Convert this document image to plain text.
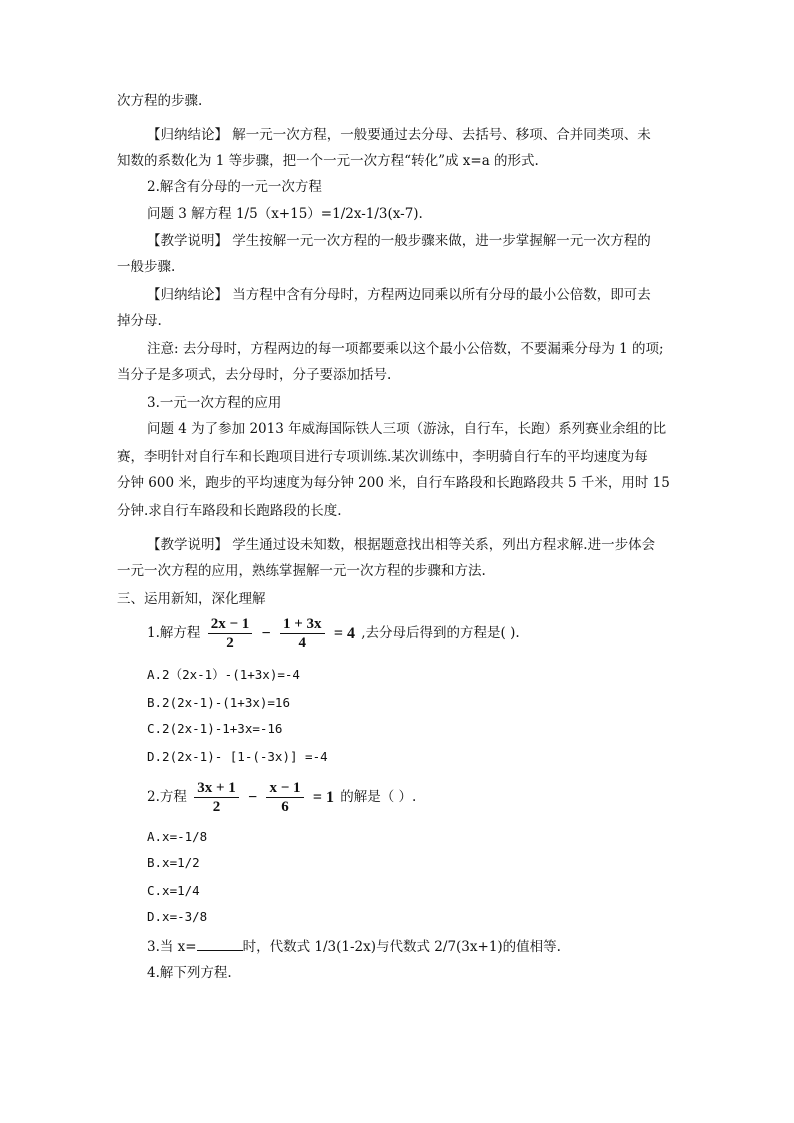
次方程的步骤.
【归纳结论】 解一元一次方程，一般要通过去分母、去括号、移项、合并同类项、未
知数的系数化为 1 等步骤，把一个一元一次方程“转化”成 x=a 的形式.
2.解含有分母的一元一次方程
问题 3 解方程 1/5（x+15）=1/2x-1/3(x-7).
【教学说明】 学生按解一元一次方程的一般步骤来做，进一步掌握解一元一次方程的
一般步骤.
【归纳结论】 当方程中含有分母时，方程两边同乘以所有分母的最小公倍数，即可去
掉分母.
注意: 去分母时，方程两边的每一项都要乘以这个最小公倍数，不要漏乘分母为 1 的项;
当分子是多项式，去分母时，分子要添加括号.
3.一元一次方程的应用
问题 4 为了参加 2013 年威海国际铁人三项（游泳，自行车，长跑）系列赛业余组的比
赛，李明针对自行车和长跑项目进行专项训练.某次训练中，李明骑自行车的平均速度为每
分钟 600 米，跑步的平均速度为每分钟 200 米，自行车路段和长跑路段共 5 千米，用时 15
分钟.求自行车路段和长跑路段的长度.
【教学说明】 学生通过设未知数，根据题意找出相等关系，列出方程求解.进一步体会
一元一次方程的应用，熟练掌握解一元一次方程的步骤和方法.
三、运用新知，深化理解
1.解方程 $\frac{2x - 1}{2} - \frac{1 + 3x}{4} = 4$ ,去分母后得到的方程是( ).
A.2（2x-1）-(1+3x)=-4
B.2(2x-1)-(1+3x)=16
C.2(2x-1)-1+3x=-16
D.2(2x-1)- [1-(-3x)] =-4
2.方程 $\frac{3x + 1}{2} - \frac{x - 1}{6} = 1$ 的解是（ ）.
A.x=-1/8
B.x=1/2
C.x=1/4
D.x=-3/8
3.当 x=	时，代数式 1/3(1-2x)与代数式 2/7(3x+1)的值相等.
4.解下列方程.
